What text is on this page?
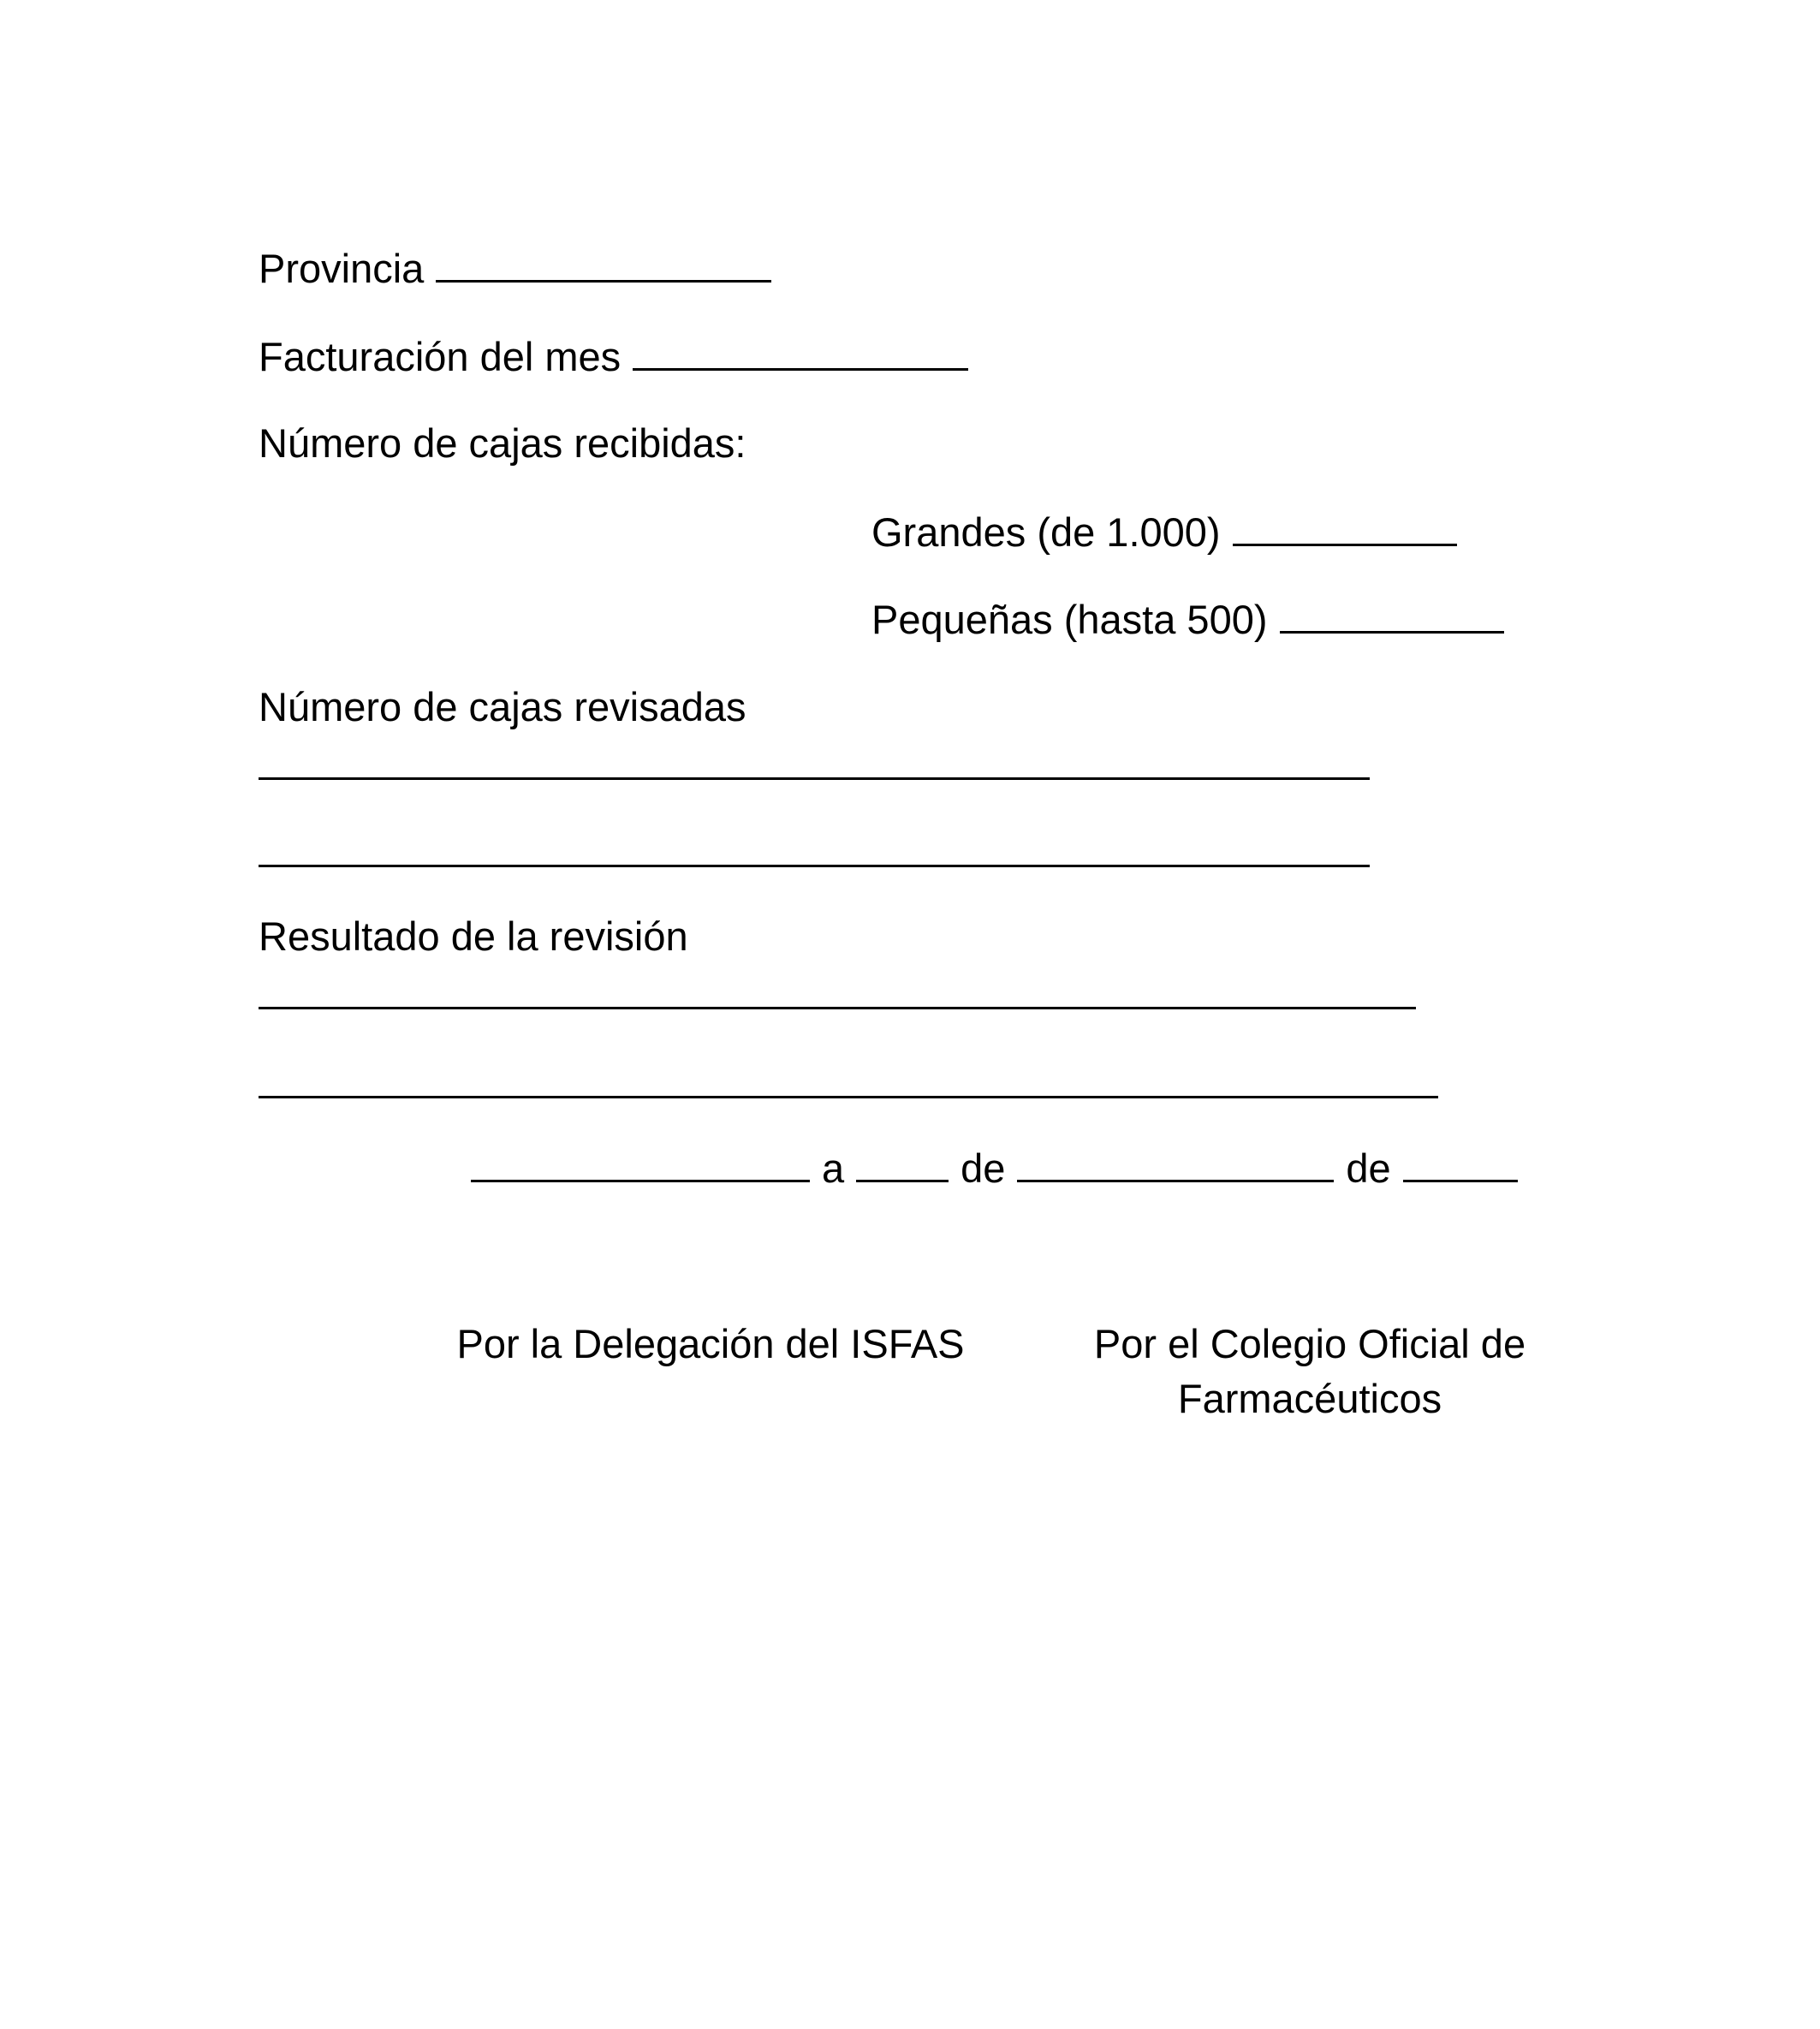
Provincia
Facturación del mes
Número de cajas recibidas:
Grandes (de 1.000)
Pequeñas (hasta 500)
Número de cajas revisadas
Resultado de la revisión
a	de	de
Por la Delegación del ISFAS	Por el Colegio Oficial de Farmacéuticos
